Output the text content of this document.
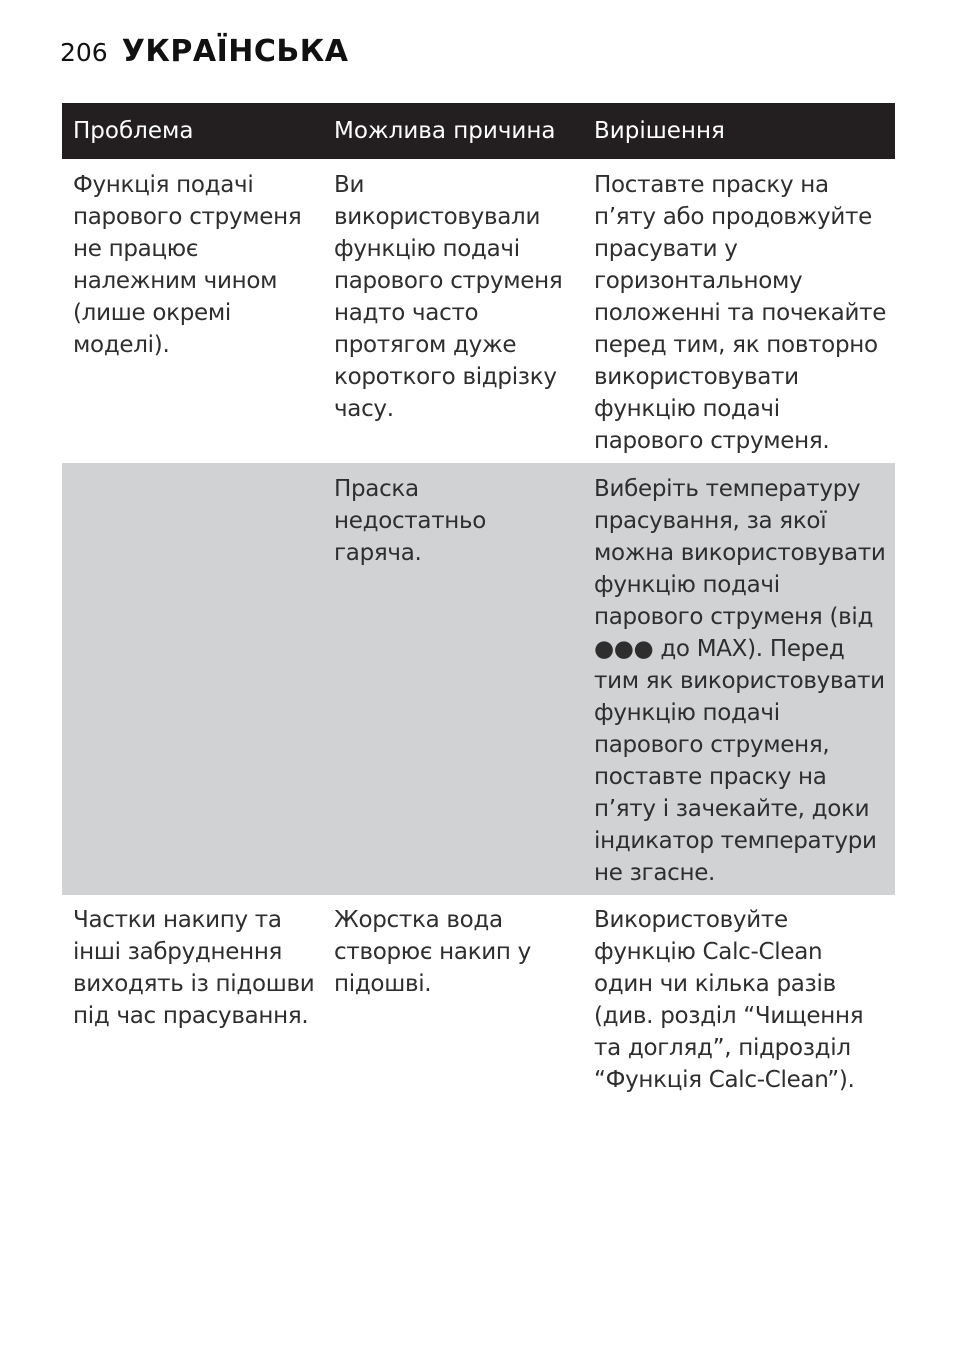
206 УКРАЇНСЬКА
Проблема	Можлива причина	Вирішення
Функція подачі парового струменя не працює належним чином (лише окремі моделі).	Ви використовували функцію подачі парового струменя надто часто протягом дуже короткого відрізку часу.	Поставте праску на п’яту або продовжуйте прасувати у горизонтальному положенні та почекайте перед тим, як повторно використовувати функцію подачі парового струменя.
	Праска недостатньо гаряча.	Виберіть температуру прасування, за якої можна використовувати функцію подачі парового струменя (від ●●● до MAX). Перед тим як використовувати функцію подачі парового струменя, поставте праску на п’яту і зачекайте, доки індикатор температури не згасне.
Частки накипу та інші забруднення виходять із підошви під час прасування.	Жорстка вода створює накип у підошві.	Використовуйте функцію Calc-Clean один чи кілька разів (див. розділ “Чищення та догляд”, підрозділ “Функція Calc-Clean”).
